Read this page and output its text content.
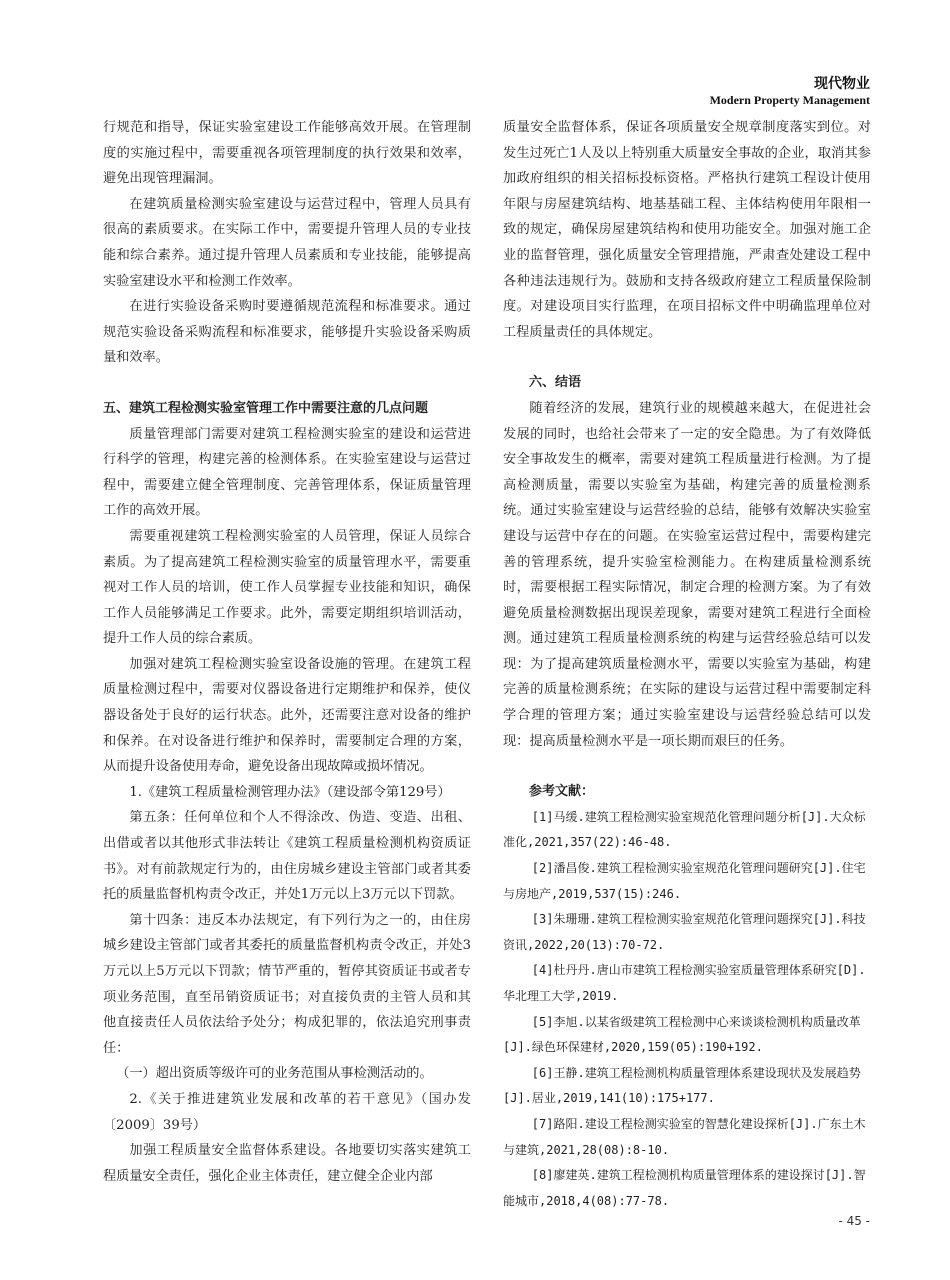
现代物业
Modern Property Management

行规范和指导，保证实验室建设工作能够高效开展。在管理制度的实施过程中，需要重视各项管理制度的执行效果和效率，避免出现管理漏洞。

在建筑质量检测实验室建设与运营过程中，管理人员具有很高的素质要求。在实际工作中，需要提升管理人员的专业技能和综合素养。通过提升管理人员素质和专业技能，能够提高实验室建设水平和检测工作效率。

在进行实验设备采购时要遵循规范流程和标准要求。通过规范实验设备采购流程和标准要求，能够提升实验设备采购质量和效率。

五、建筑工程检测实验室管理工作中需要注意的几点问题

质量管理部门需要对建筑工程检测实验室的建设和运营进行科学的管理，构建完善的检测体系。在实验室建设与运营过程中，需要建立健全管理制度、完善管理体系，保证质量管理工作的高效开展。

需要重视建筑工程检测实验室的人员管理，保证人员综合素质。为了提高建筑工程检测实验室的质量管理水平，需要重视对工作人员的培训，使工作人员掌握专业技能和知识，确保工作人员能够满足工作要求。此外，需要定期组织培训活动，提升工作人员的综合素质。

加强对建筑工程检测实验室设备设施的管理。在建筑工程质量检测过程中，需要对仪器设备进行定期维护和保养，使仪器设备处于良好的运行状态。此外，还需要注意对设备的维护和保养。在对设备进行维护和保养时，需要制定合理的方案，从而提升设备使用寿命，避免设备出现故障或损坏情况。

1.《建筑工程质量检测管理办法》（建设部令第129号）

第五条：任何单位和个人不得涂改、伪造、变造、出租、出借或者以其他形式非法转让《建筑工程质量检测机构资质证书》。对有前款规定行为的，由住房城乡建设主管部门或者其委托的质量监督机构责令改正，并处1万元以上3万元以下罚款。

第十四条：违反本办法规定，有下列行为之一的，由住房城乡建设主管部门或者其委托的质量监督机构责令改正，并处3万元以上5万元以下罚款；情节严重的，暂停其资质证书或者专项业务范围，直至吊销资质证书；对直接负责的主管人员和其他直接责任人员依法给予处分；构成犯罪的，依法追究刑事责任：

（一）超出资质等级许可的业务范围从事检测活动的。

2.《关于推进建筑业发展和改革的若干意见》（国办发〔2009〕39号）

加强工程质量安全监督体系建设。各地要切实落实建筑工程质量安全责任，强化企业主体责任，建立健全企业内部

质量安全监督体系，保证各项质量安全规章制度落实到位。对发生过死亡1人及以上特别重大质量安全事故的企业，取消其参加政府组织的相关招标投标资格。严格执行建筑工程设计使用年限与房屋建筑结构、地基基础工程、主体结构使用年限相一致的规定，确保房屋建筑结构和使用功能安全。加强对施工企业的监督管理，强化质量安全管理措施，严肃查处建设工程中各种违法违规行为。鼓励和支持各级政府建立工程质量保险制度。对建设项目实行监理，在项目招标文件中明确监理单位对工程质量责任的具体规定。

六、结语

随着经济的发展，建筑行业的规模越来越大，在促进社会发展的同时，也给社会带来了一定的安全隐患。为了有效降低安全事故发生的概率，需要对建筑工程质量进行检测。为了提高检测质量，需要以实验室为基础，构建完善的质量检测系统。通过实验室建设与运营经验的总结，能够有效解决实验室建设与运营中存在的问题。在实验室运营过程中，需要构建完善的管理系统，提升实验室检测能力。在构建质量检测系统时，需要根据工程实际情况，制定合理的检测方案。为了有效避免质量检测数据出现误差现象，需要对建筑工程进行全面检测。通过建筑工程质量检测系统的构建与运营经验总结可以发现：为了提高建筑质量检测水平，需要以实验室为基础，构建完善的质量检测系统；在实际的建设与运营过程中需要制定科学合理的管理方案；通过实验室建设与运营经验总结可以发现：提高质量检测水平是一项长期而艰巨的任务。

参考文献：

[1]马缓.建筑工程检测实验室规范化管理问题分析[J].大众标准化,2021,357(22):46-48.
[2]潘昌俊.建筑工程检测实验室规范化管理问题研究[J].住宅与房地产,2019,537(15):246.
[3]朱珊珊.建筑工程检测实验室规范化管理问题探究[J].科技资讯,2022,20(13):70-72.
[4]杜丹丹.唐山市建筑工程检测实验室质量管理体系研究[D].华北理工大学,2019.
[5]李旭.以某省级建筑工程检测中心来谈谈检测机构质量改革[J].绿色环保建材,2020,159(05):190+192.
[6]王静.建筑工程检测机构质量管理体系建设现状及发展趋势[J].居业,2019,141(10):175+177.
[7]路阳.建设工程检测实验室的智慧化建设探析[J].广东土木与建筑,2021,28(08):8-10.
[8]廖建英.建筑工程检测机构质量管理体系的建设探讨[J].智能城市,2018,4(08):77-78.
- 45 -
